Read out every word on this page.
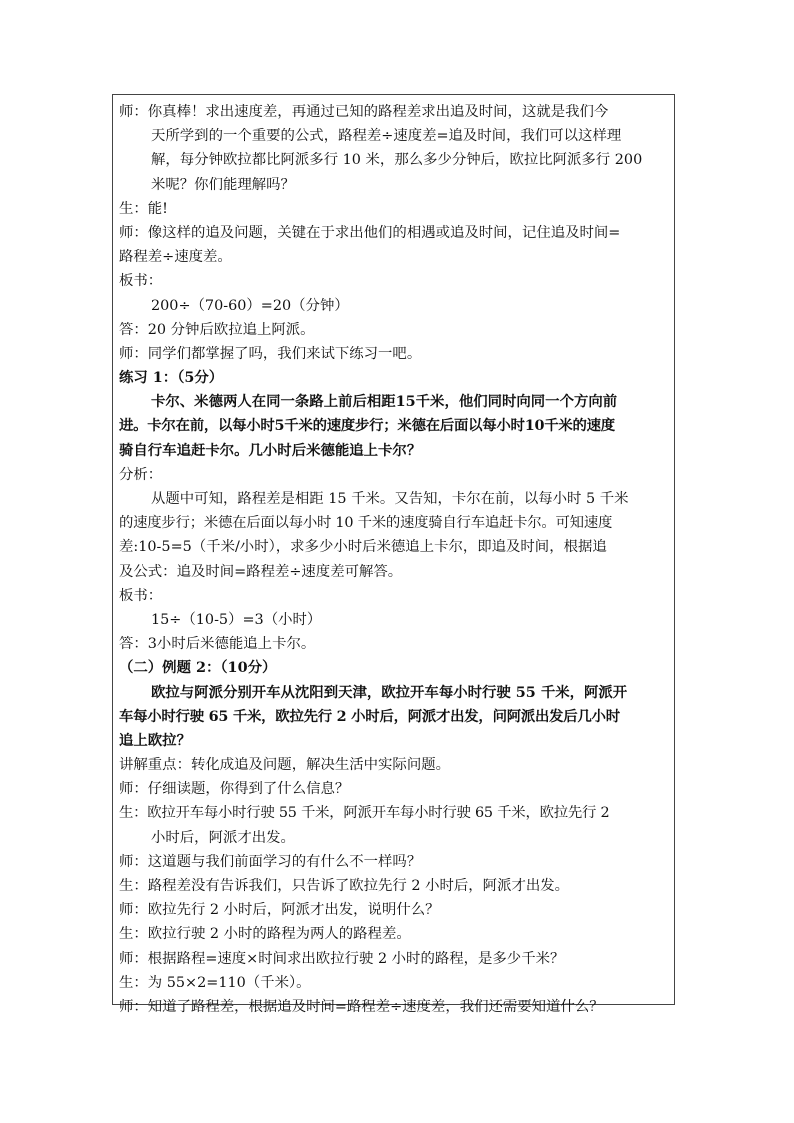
师：你真棒！求出速度差，再通过已知的路程差求出追及时间，这就是我们今
天所学到的一个重要的公式，路程差÷速度差=追及时间，我们可以这样理
解，每分钟欧拉都比阿派多行 10 米，那么多少分钟后，欧拉比阿派多行 200
米呢？你们能理解吗？
生：能!
师：像这样的追及问题，关键在于求出他们的相遇或追及时间，记住追及时间=
路程差÷速度差。
板书：
200÷（70-60）=20（分钟）
答：20 分钟后欧拉追上阿派。
师：同学们都掌握了吗，我们来试下练习一吧。
练习 1：（5分）
卡尔、米德两人在同一条路上前后相距15千米，他们同时向同一个方向前
进。卡尔在前，以每小时5千米的速度步行；米德在后面以每小时10千米的速度
骑自行车追赶卡尔。几小时后米德能追上卡尔？
分析：
从题中可知，路程差是相距 15 千米。又告知，卡尔在前，以每小时 5 千米
的速度步行；米德在后面以每小时 10 千米的速度骑自行车追赶卡尔。可知速度
差:10-5=5（千米/小时），求多少小时后米德追上卡尔，即追及时间，根据追
及公式：追及时间=路程差÷速度差可解答。
板书：
15÷（10-5）=3（小时）
答：3小时后米德能追上卡尔。
（二）例题 2：（10分）
欧拉与阿派分别开车从沈阳到天津，欧拉开车每小时行驶 55 千米，阿派开
车每小时行驶 65 千米，欧拉先行 2 小时后，阿派才出发，问阿派出发后几小时
追上欧拉？
讲解重点：转化成追及问题，解决生活中实际问题。
师：仔细读题，你得到了什么信息？
生：欧拉开车每小时行驶 55 千米，阿派开车每小时行驶 65 千米，欧拉先行 2
小时后，阿派才出发。
师：这道题与我们前面学习的有什么不一样吗？
生：路程差没有告诉我们，只告诉了欧拉先行 2 小时后，阿派才出发。
师：欧拉先行 2 小时后，阿派才出发，说明什么？
生：欧拉行驶 2 小时的路程为两人的路程差。
师：根据路程=速度×时间求出欧拉行驶 2 小时的路程，是多少千米？
生：为 55×2=110（千米）。
师：知道了路程差，根据追及时间=路程差÷速度差，我们还需要知道什么？
